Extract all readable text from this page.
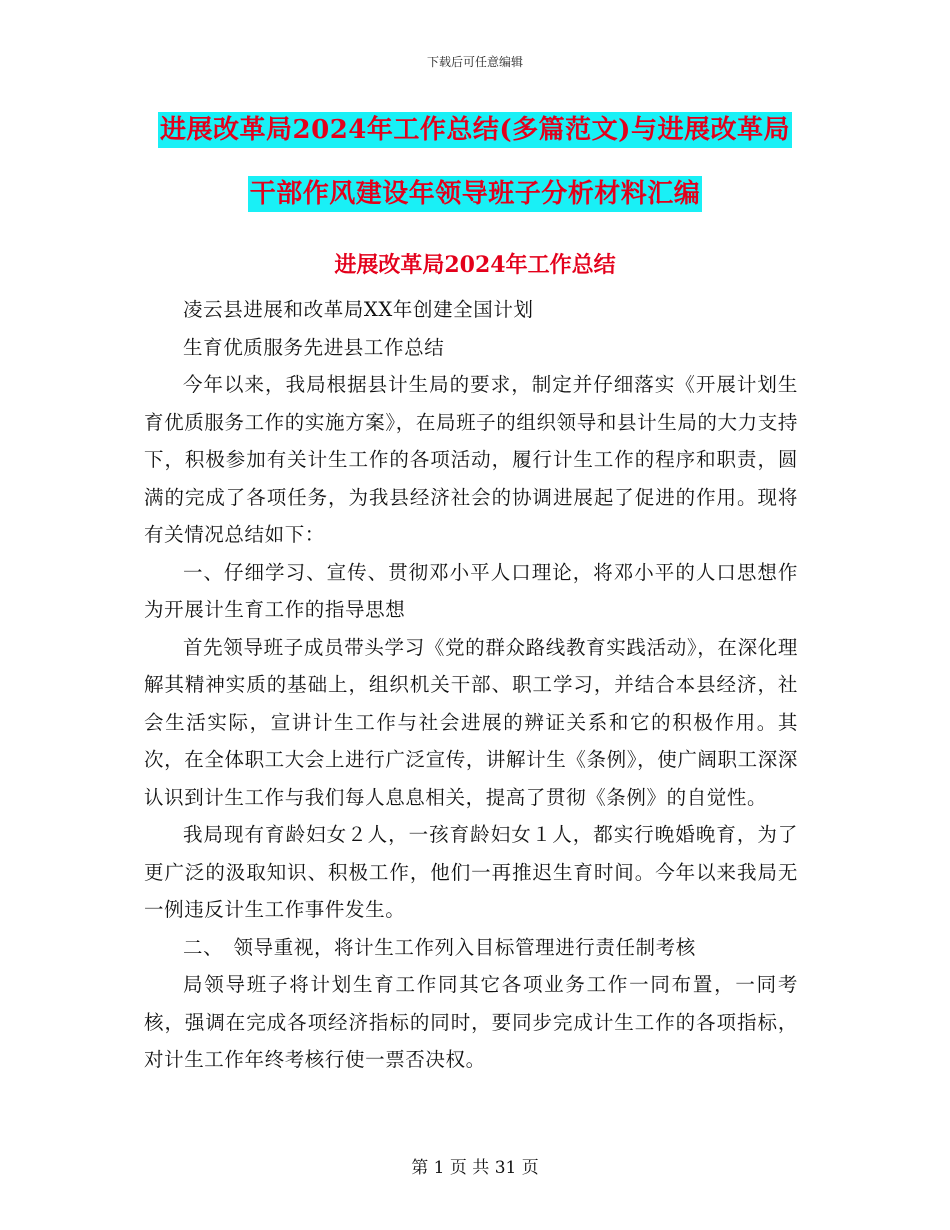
下载后可任意编辑
进展改革局2024年工作总结(多篇范文)与进展改革局
干部作风建设年领导班子分析材料汇编
进展改革局2024年工作总结

凌云县进展和改革局XX年创建全国计划

生育优质服务先进县工作总结

今年以来，我局根据县计生局的要求，制定并仔细落实《开展计划生育优质服务工作的实施方案》，在局班子的组织领导和县计生局的大力支持下，积极参加有关计生工作的各项活动，履行计生工作的程序和职责，圆满的完成了各项任务，为我县经济社会的协调进展起了促进的作用。现将有关情况总结如下：

一、仔细学习、宣传、贯彻邓小平人口理论，将邓小平的人口思想作为开展计生育工作的指导思想

首先领导班子成员带头学习《党的群众路线教育实践活动》，在深化理解其精神实质的基础上，组织机关干部、职工学习，并结合本县经济，社会生活实际，宣讲计生工作与社会进展的辨证关系和它的积极作用。其次，在全体职工大会上进行广泛宣传，讲解计生《条例》，使广阔职工深深认识到计生工作与我们每人息息相关，提高了贯彻《条例》的自觉性。

我局现有育龄妇女２人，一孩育龄妇女１人，都实行晚婚晚育，为了更广泛的汲取知识、积极工作，他们一再推迟生育时间。今年以来我局无一例违反计生工作事件发生。

二、　领导重视，将计生工作列入目标管理进行责任制考核

局领导班子将计划生育工作同其它各项业务工作一同布置，一同考核，强调在完成各项经济指标的同时，要同步完成计生工作的各项指标，对计生工作年终考核行使一票否决权。

第 1 页 共 31 页
